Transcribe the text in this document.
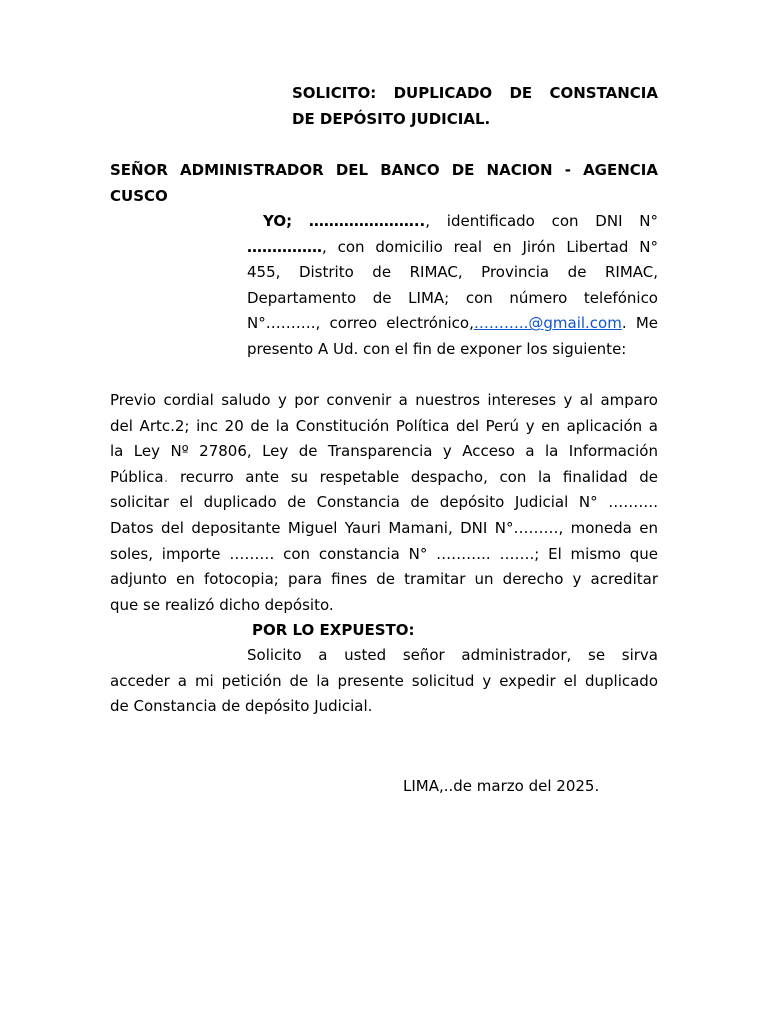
SOLICITO: DUPLICADO DE CONSTANCIA
DE DEPÓSITO JUDICIAL.
SEÑOR ADMINISTRADOR DEL BANCO DE NACION - AGENCIA
CUSCO
YO; ………………….., identificado con DNI N°
……………, con domicilio real en Jirón Libertad N°
455, Distrito de RIMAC, Provincia de RIMAC,
Departamento de LIMA; con número telefónico
N°………., correo electrónico,………..@gmail.com. Me
presento A Ud. con el fin de exponer los siguiente:
Previo cordial saludo y por convenir a nuestros intereses y al amparo
del Artc.2; inc 20 de la Constitución Política del Perú y en aplicación a
la Ley Nº 27806, Ley de Transparencia y Acceso a la Información
Pública. recurro ante su respetable despacho, con la finalidad de
solicitar el duplicado de Constancia de depósito Judicial N° ……….
Datos del depositante Miguel Yauri Mamani, DNI N°………, moneda en
soles, importe ……… con constancia N° ……….. …….; El mismo que
adjunto en fotocopia; para fines de tramitar un derecho y acreditar
que se realizó dicho depósito.
POR LO EXPUESTO:
Solicito a usted señor administrador, se sirva
acceder a mi petición de la presente solicitud y expedir el duplicado
de Constancia de depósito Judicial.
LIMA,..de marzo del 2025.
